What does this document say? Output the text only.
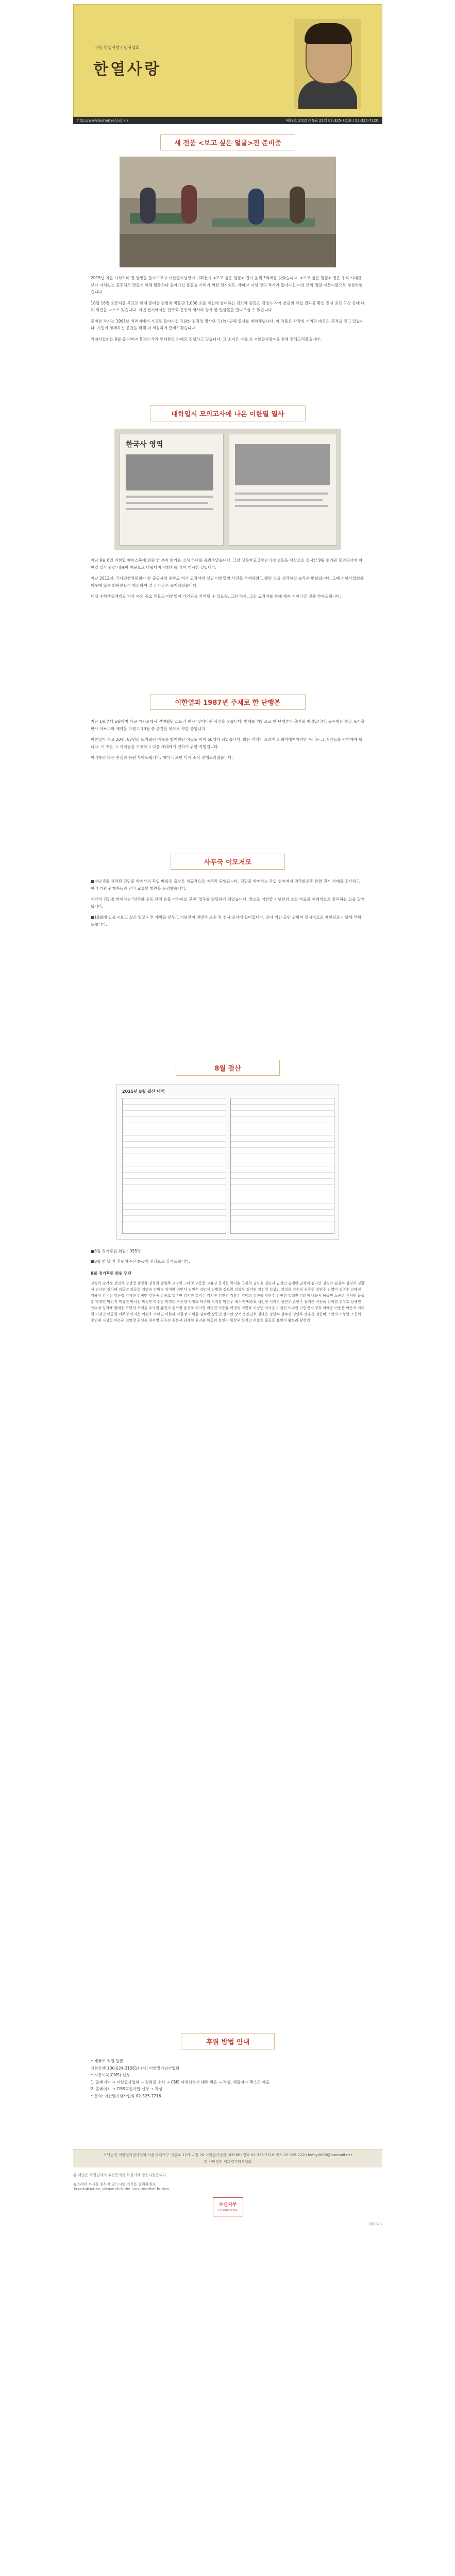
(사) 한열사랑기념사업회
한열사랑
http://www.leehanyeol.or.kr/	제89호 2015년 9월 21일 02-325-7216 / 02-325-7220
새 전품 <보고 싶은 얼굴>전 준비중

2015년 가을 시작하며 전 방향을 돌아보고자 이한열기념관이 기획전시 <보고 싶은 얼굴> 전이 올해 3회째를 맞았습니다. <보고 싶은 얼굴> 전은 우리 시대를 보다 가치있는 공동체로 만들기 위해 활동하다 돌아가신 분들을 기리기 위한 전시회로, 해마다 여섯 명의 작가가 돌아가신 여섯 분의 얼굴 애틋이름으로 형상화했습니다.

10월 16일 오픈식을 목표로 현재 준비상 김병희 박물관 1,000 호를 작업에 참여하는 김도학 김동은 김병수 작가 분들의 작업 결과물 확인 전시 공간 구성 등에 대해 의견을 나누고 있습니다. 이번 전시에서는 민주화 운동의 역사와 함께 한 얼굴들을 만나보실 수 있습니다.

준비상 작가는 1991년 치러지에서 시고로 돌아가신 고(故) 김귀정 열사와 고(故) 권해 열사를 재현해냅니다. 이 작품은 각각의 기억과 애도의 흔적을 담고 있습니다. 시민이 함께하는 공간을 위해 더 세심하게 준비하겠습니다.

기념사업회는 9월 중 나머지 5명의 작가 인터뷰도 차례로 진행하고 있습니다. 그 소식은 다음 호 <한열사랑>을 통해 전해드리겠습니다.

대학입시 모의고사에 나온 이한열 열사
한국사 영역

지난 9월 6일 이한열 페이스북에 회원 한 분이 반가운 소식 하나를 올려주었습니다. 그날 고등학교 3학년 수험생들을 대상으로 실시한 9월 평가원 모의고사에 이한열 열사 관련 내용이 지문으로 나왔다며 시험지를 찍어 게시한 것입니다.

지난 2012년, 국사편찬위원회가 한 출판사의 중학교 역사 교과서에 실린 이한열의 사진을 삭제하려고 했던 것을 생각하면 놀라운 변화입니다. 그때 기념사업회를 비롯해 많은 회원분들이 항의하여 결국 사진은 유지되었습니다.

대입 수험생들에게도 역사 속의 중요 인물로 이한열이 각인되고 기억될 수 있도록, 그런 역사, 그런 교과서를 함께 계속 지켜나갈 것을 약속드립니다.

이한열과 1987년 주체로 한 단행본

지난 1월부터 6월까지 다큐 카카오에서 진행했던 스토리 펀딩 '잊어버린 사건을 찾습니다' 연재를 기반으로 한 단행본이 출간될 예정입니다. 공시창은 한길 도서출판사 아르고와 계약을 마쳤고 10월 중 출간을 목표로 작업 중입니다.

이한열이 가고 20년, 87년의 뜨거웠던 여름을 함께했던 이들도 이제 50대가 되었습니다. 많은 기억이 흐려지고 희미해져가지만 우리는 그 시간들을 기억해야 합니다. 이 책은 그 기억들을 기록하고 다음 세대에게 전하기 위한 작업입니다.

여러분의 많은 관심과 응원 부탁드립니다. 책이 나오면 다시 소식 전해드리겠습니다.

사무국 이모저모

■지난 8월 시작된 김민준 학예사의 독일 베를린 출장은 성공적으로 마무리 되었습니다. 김민준 학예사는 독일 현지에서 민주화운동 관련 전시 사례를 조사하고 여러 기관 관계자들과 만나 교류의 방안을 논의했습니다.

계약직 김민철 학예사는 '민주화 운동 관련 유물 아카이브 구축' 업무를 담당하게 되었습니다. 앞으로 이한열 기념관의 소장 자료를 체계적으로 정리하는 일을 맡게 됩니다.

■10월에 있을 <보고 싶은 얼굴> 전 개막을 앞두고 기념관이 전면적 보수 및 전시 공사에 들어갑니다. 공사 기간 동안 관람이 일시적으로 제한되오니 양해 부탁드립니다.

8월 결산
2015년 8월 결산 내역

■8월 정기후원 회원 : 355명

■8월 한 달 간 후원해주신 분들께 진심으로 감사드립니다.

8월 정기후원 회원 명단

강경희 강기정 강민지 강선영 강성화 강성희 강현주 고경민 고나영 고동준 고유진 공지현 곽지훈 구본희 권도윤 권민서 권성민 권예린 권정미 김가연 김경란 김경수 김경희 김광석 김나연 김다혜 김동민 김동현 김명숙 김미경 김미란 김민서 김민수 김민재 김병철 김보람 김상우 김서연 김선영 김성민 김성호 김수진 김승현 김연주 김영미 김영수 김예진 김용석 김유진 김은정 김재현 김정민 김정숙 김종호 김주연 김지민 김지수 김지현 김진영 김창수 김태희 김한솔 김현수 김현정 김혜진 김희정 나윤서 남궁민 노승현 류지원 문성훈 박경민 박민지 박상현 박서진 박성민 박수현 박영희 박은영 박정호 박주희 박지훈 박현우 배수진 백승호 서민정 서지영 성민우 손현주 송지은 신동욱 신미경 신성호 심재민 안수정 양지혜 엄태웅 오민석 오세훈 우지원 유민지 윤서영 윤성호 이가영 이경민 이동훈 이명숙 이민호 이상민 이서윤 이성진 이수연 이승민 이영희 이예은 이용준 이은지 이재원 이정민 이종현 이주영 이지은 이진호 이태민 이한나 이현정 이혜원 임수빈 장동건 장미란 장서연 전민호 정다은 정민수 정수진 정연우 정우성 정은비 조민서 조성민 조은희 주민재 지성현 차은우 최민영 최성훈 최수영 최유진 최은서 최재원 최지훈 한동희 한민지 한상우 한지민 허준호 홍길동 홍민지 황보라 황성민

후원 방법 안내

• 계좌로 직접 입금

신한은행 100-024-315614 (사) 이한열기념사업회

• 자동이체(CMS) 신청

1. 홈페이지 → 이한열사업회 → 정회원 소식 → CMS 이체신청서 내려 받음 → 작성, 해당자나 팩스로 제출

2. 홈페이지 → CMS회원가입 신청 → 작성

• 문의: 이한열기념사업회 02-325-7216

사단법인 이한열기념사업회 서울시 마포구 신촌로 12가 나길 26 이한열기념관 (03786) 전화 02-325-7216 팩스 02-325-7220 leehy0609@hanmail.net
© 사단법인 이한열기념사업회
본 메일은 회원님께서 수신동의를 하셨기에 발송되었습니다.
뉴스레터 수신을 원하지 않으시면 여기를 클릭하세요.
To unsubscribe, please click the 'Unsubscribe' button.
수신거부
Unsubscribe
이미지 1
